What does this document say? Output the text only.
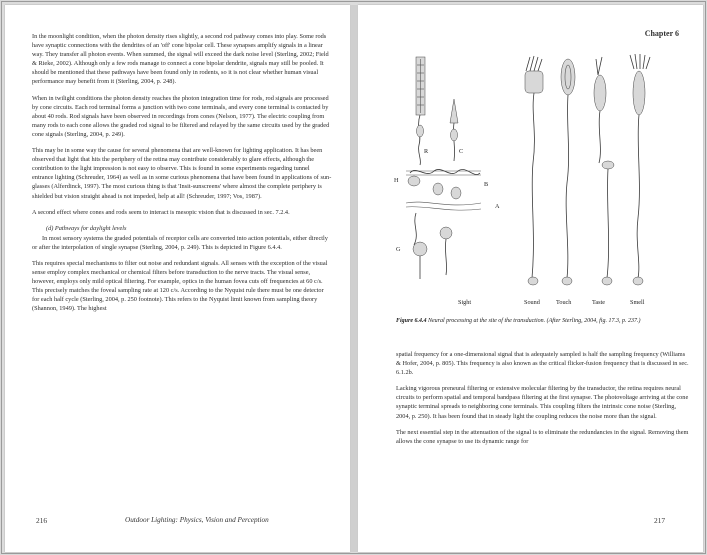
In the moonlight condition, when the photon density rises slightly, a second rod pathway comes into play. Some rods have synaptic connections with the dendrites of an 'off' cone bipolar cell. These synapses amplify signals in a linear way. They transfer all photon events. When summed, the signal will exceed the dark noise level (Sterling, 2002; Field & Rieke, 2002). Although only a few rods manage to connect a cone bipolar dendrite, signals may still be pooled. It should be mentioned that these pathways have been found only in rodents, so it is not clear whether human visual performance may benefit from it (Sterling, 2004, p. 248).

When in twilight conditions the photon density reaches the photon integration time for rods, rod signals are processed by cone circuits. Each rod terminal forms a junction with two cone terminals, and every cone terminal is contacted by about 40 rods. Rod signals have been observed in recordings from cones (Nelson, 1977). The electric coupling from many rods to each cone allows the graded rod signal to be filtered and relayed by the same circuits used by the graded cone signals (Sterling, 2004, p. 249).

This may be in some way the cause for several phenomena that are well-known for lighting application. It has been observed that light that hits the periphery of the retina may contribute considerably to glare effects, although the contribution to the light impression is not easy to observe. This is found in some experiments regarding tunnel entrance lighting (Schreuder, 1964) as well as in some curious phenomena that have been found in applications of sun-glasses (Alferdinck, 1997). The most curious thing is that 'Insit-sunscreens' where almost the complete periphery is shielded but vision straight ahead is not impeded, help at all! (Schreuder, 1997; Vos, 1987).

A second effect where cones and rods seem to interact is mesopic vision that is discussed in sec. 7.2.4.

(d) Pathways for daylight levels

In most sensory systems the graded potentials of receptor cells are converted into action potentials, either directly or after the interpolation of single synapse (Sterling, 2004, p. 249). This is depicted in Figure 6.4.4.

This requires special mechanisms to filter out noise and redundant signals. All senses with the exception of the visual sense employ complex mechanical or chemical filters before transduction to the nerve tracts. The visual sense, however, employs only mild optical filtering. For example, optics in the human fovea cuts off frequencies at 60 c/s. This precisely matches the foveal sampling rate at 120 c/s. According to the Nyquist rule there must be one detector for each half cycle (Sterling, 2004, p. 250 footnote). This refers to the Nyquist limit known from sampling theory (Shannon, 1949). The highest

216	Outdoor Lighting: Physics, Vision and Perception
Chapter 6
R	C
H
B
A
G
Sight	Sound	Touch	Taste	Smell
Figure 6.4.4 Neural processing at the site of the transduction. (After Sterling, 2004, fig. 17.3, p. 237.)

spatial frequency for a one-dimensional signal that is adequately sampled is half the sampling frequency (Williams & Hofer, 2004, p. 805). This frequency is also known as the critical flicker-fusion frequency that is discussed in sec. 6.1.2b.

Lacking vigorous preneural filtering or extensive molecular filtering by the transductor, the retina requires neural circuits to perform spatial and temporal bandpass filtering at the first synapse. The photovoltage arriving at the cone synaptic terminal spreads to neighboring cone terminals. This coupling filters the intrinsic cone noise (Sterling, 2004, p. 250). It has been found that in steady light the coupling reduces the noise more than the signal.

The next essential step in the attenuation of the signal is to eliminate the redundancies in the signal. Removing them allows the cone synapse to use its dynamic range for

217
